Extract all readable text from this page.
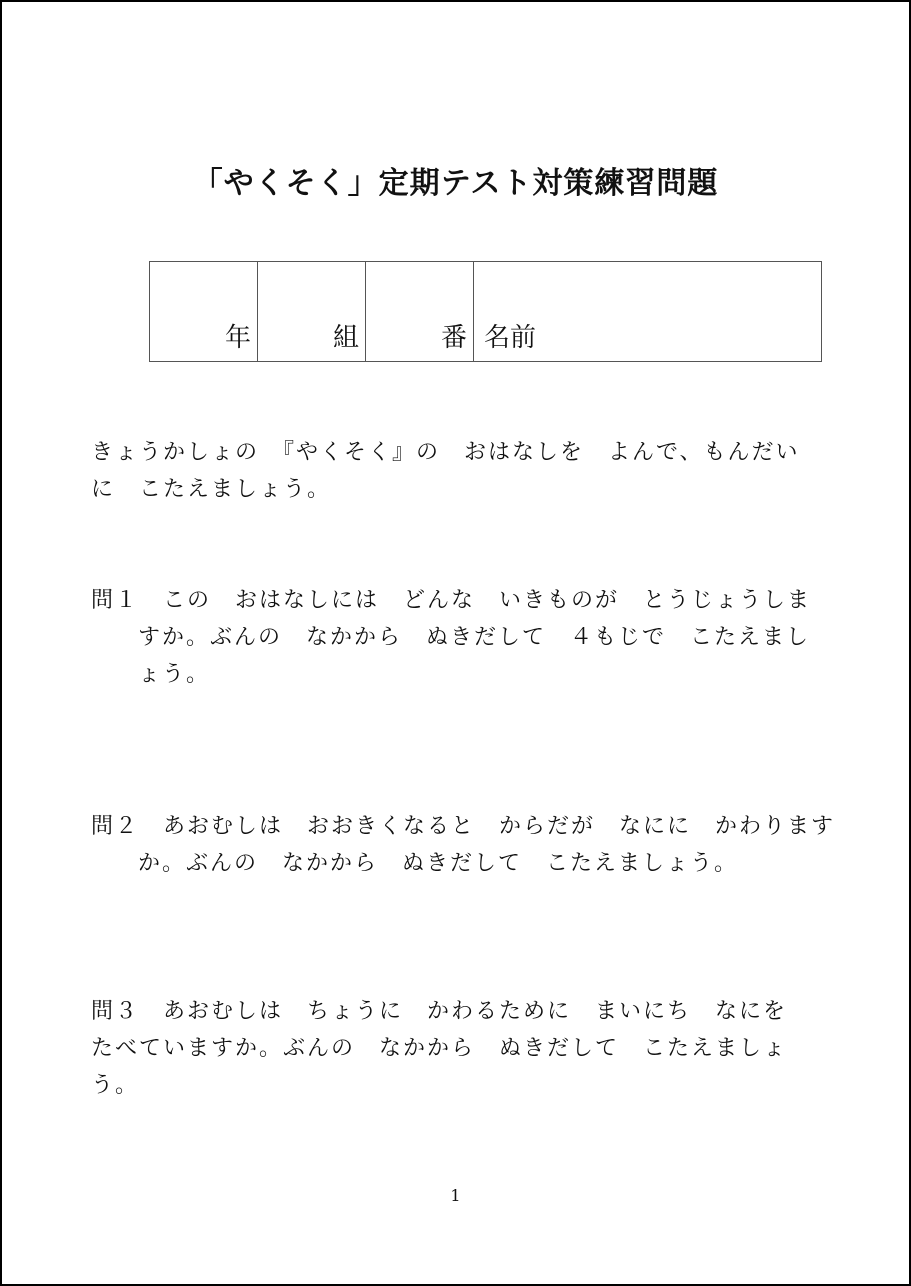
「やくそく」定期テスト対策練習問題
年	組	番	名前
きょうかしょの　『やくそく』の　おはなしを　よんで、もんだい
に　こたえましょう。
問１　この　おはなしには　どんな　いきものが　とうじょうしま
すか。ぶんの　なかから　ぬきだして　４もじで　こたえまし
ょう。
問２　あおむしは　おおきくなると　からだが　なにに　かわります
か。ぶんの　なかから　ぬきだして　こたえましょう。
問３　あおむしは　ちょうに　かわるために　まいにち　なにを
たべていますか。ぶんの　なかから　ぬきだして　こたえましょ
う。
1
